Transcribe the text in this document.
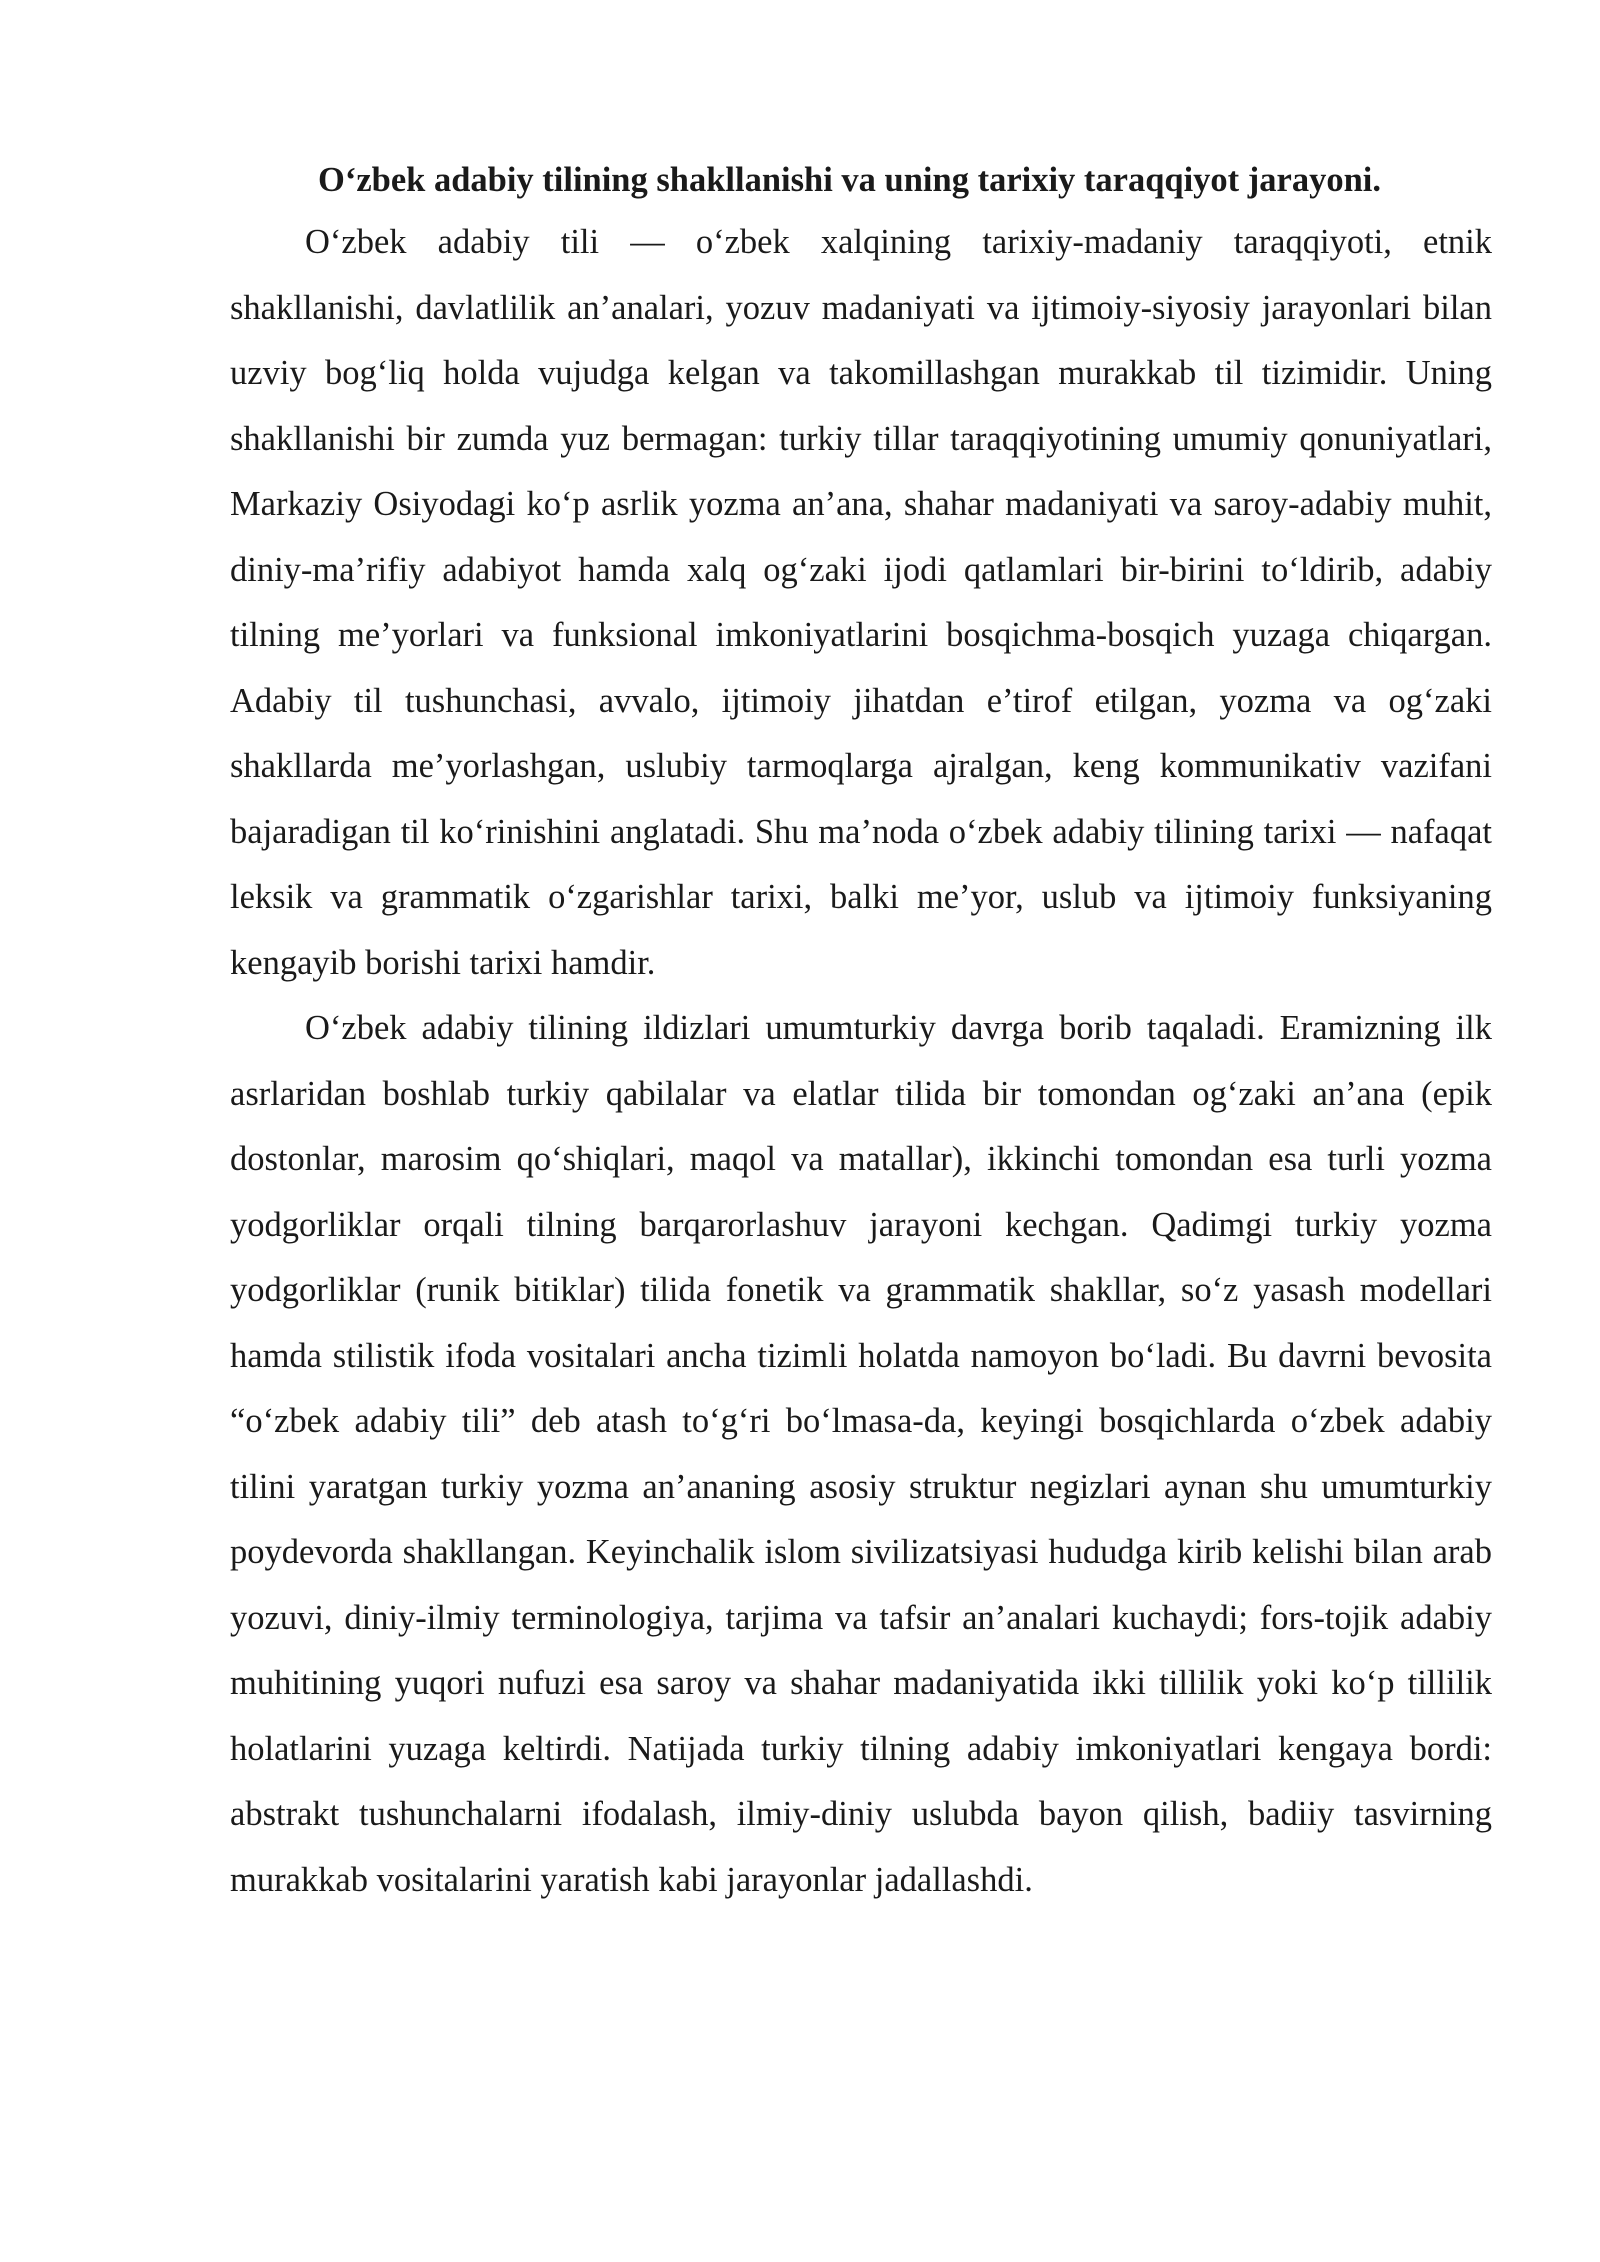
O‘zbek adabiy tilining shakllanishi va uning tarixiy taraqqiyot jarayoni.

O‘zbek adabiy tili — o‘zbek xalqining tarixiy-madaniy taraqqiyoti, etnik shakllanishi, davlatlilik an’analari, yozuv madaniyati va ijtimoiy-siyosiy jarayonlari bilan uzviy bog‘liq holda vujudga kelgan va takomillashgan murakkab til tizimidir. Uning shakllanishi bir zumda yuz bermagan: turkiy tillar taraqqiyotining umumiy qonuniyatlari, Markaziy Osiyodagi ko‘p asrlik yozma an’ana, shahar madaniyati va saroy-adabiy muhit, diniy-ma’rifiy adabiyot hamda xalq og‘zaki ijodi qatlamlari bir-birini to‘ldirib, adabiy tilning me’yorlari va funksional imkoniyatlarini bosqichma-bosqich yuzaga chiqargan. Adabiy til tushunchasi, avvalo, ijtimoiy jihatdan e’tirof etilgan, yozma va og‘zaki shakllarda me’yorlashgan, uslubiy tarmoqlarga ajralgan, keng kommunikativ vazifani bajaradigan til ko‘rinishini anglatadi. Shu ma’noda o‘zbek adabiy tilining tarixi — nafaqat leksik va grammatik o‘zgarishlar tarixi, balki me’yor, uslub va ijtimoiy funksiyaning kengayib borishi tarixi hamdir.

O‘zbek adabiy tilining ildizlari umumturkiy davrga borib taqaladi. Eramizning ilk asrlaridan boshlab turkiy qabilalar va elatlar tilida bir tomondan og‘zaki an’ana (epik dostonlar, marosim qo‘shiqlari, maqol va matallar), ikkinchi tomondan esa turli yozma yodgorliklar orqali tilning barqarorlashuv jarayoni kechgan. Qadimgi turkiy yozma yodgorliklar (runik bitiklar) tilida fonetik va grammatik shakllar, so‘z yasash modellari hamda stilistik ifoda vositalari ancha tizimli holatda namoyon bo‘ladi. Bu davrni bevosita “o‘zbek adabiy tili” deb atash to‘g‘ri bo‘lmasa-da, keyingi bosqichlarda o‘zbek adabiy tilini yaratgan turkiy yozma an’ananing asosiy struktur negizlari aynan shu umumturkiy poydevorda shakllangan. Keyinchalik islom sivilizatsiyasi hududga kirib kelishi bilan arab yozuvi, diniy-ilmiy terminologiya, tarjima va tafsir an’analari kuchaydi; fors-tojik adabiy muhitining yuqori nufuzi esa saroy va shahar madaniyatida ikki tillilik yoki ko‘p tillilik holatlarini yuzaga keltirdi. Natijada turkiy tilning adabiy imkoniyatlari kengaya bordi: abstrakt tushunchalarni ifodalash, ilmiy-diniy uslubda bayon qilish, badiiy tasvirning murakkab vositalarini yaratish kabi jarayonlar jadallashdi.
